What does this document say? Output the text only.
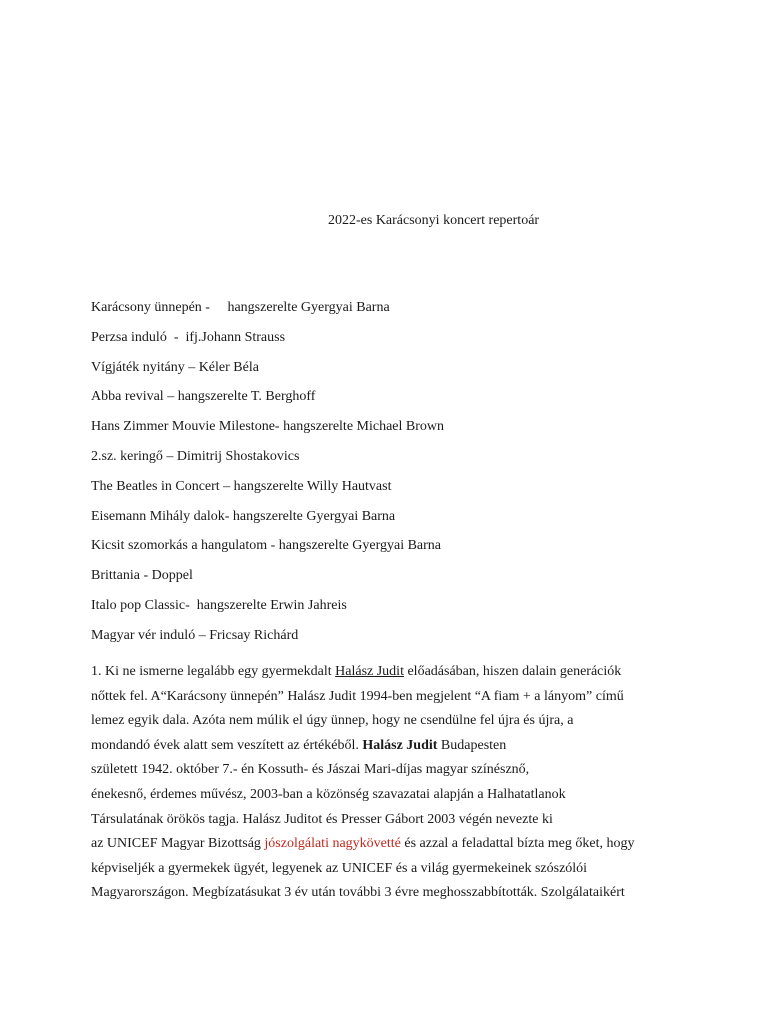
2022-es Karácsonyi koncert repertoár
Karácsony ünnepén -     hangszerelte Gyergyai Barna
Perzsa induló  -  ifj.Johann Strauss
Vígjáték nyitány – Kéler Béla
Abba revival – hangszerelte T. Berghoff
Hans Zimmer Mouvie Milestone- hangszerelte Michael Brown
2.sz. keringő – Dimitrij Shostakovics
The Beatles in Concert – hangszerelte Willy Hautvast
Eisemann Mihály dalok- hangszerelte Gyergyai Barna
Kicsit szomorkás a hangulatom - hangszerelte Gyergyai Barna
Brittania - Doppel
Italo pop Classic-  hangszerelte Erwin Jahreis
Magyar vér induló – Fricsay Richárd
1. Ki ne ismerne legalább egy gyermekdalt Halász Judit előadásában, hiszen dalain generációk
nőttek fel. A“Karácsony ünnepén” Halász Judit 1994-ben megjelent “A fiam + a lányom” című
lemez egyik dala. Azóta nem múlik el úgy ünnep, hogy ne csendülne fel újra és újra, a
mondandó évek alatt sem veszített az értékéből. Halász Judit Budapesten
született 1942. október 7.- én Kossuth- és Jászai Mari-díjas magyar színésznő,
énekesnő, érdemes művész, 2003-ban a közönség szavazatai alapján a Halhatatlanok
Társulatának örökös tagja. Halász Juditot és Presser Gábort 2003 végén nevezte ki
az UNICEF Magyar Bizottság jószolgálati nagykövetté és azzal a feladattal bízta meg őket, hogy
képviseljék a gyermekek ügyét, legyenek az UNICEF és a világ gyermekeinek szószólói
Magyarországon. Megbízatásukat 3 év után további 3 évre meghosszabbították. Szolgálataikért
